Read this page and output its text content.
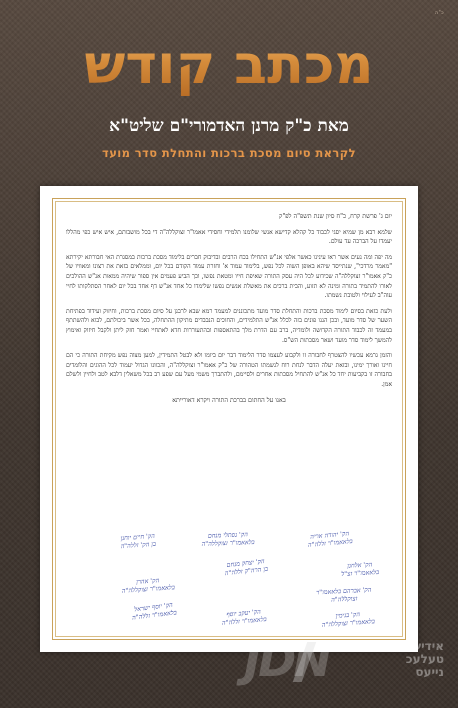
כ"ה
מכתב קודש
מאת כ"ק מרנן האדמורי"ם שליט"א
לקראת סיום מסכת ברכות והתחלת סדר מועד
יום ג' פרשת קרח, כ"ח סיון שנת תשפ"ה לפ"ק

שלמא רבא מן שמיא יסגי לכבוד כל קהלא קדישא אנשי שלומנו תלמידי וחסידי אאמו"ר זצוקללה"ה די בכל מושבותם, איש איש כפי מהללו יעמדו על הברכה עד עולם.

מה יפה ומה נעים אשר ראו עינינו כאשר אלפי אנ"ש התחילו בכח הרבים ובדיבוק חברים בלימוד מסכת ברכות במסגרת האי חבורתא יקירתא "מאמר מרדכי", שנתייסד שיהא באופן השוה לכל נפש, בלימוד עמוד א' וחזרת עמוד הקודם בכל יום, וממלאים בזאת את רצונו ומאוויו של כ"ק אאמו"ר זצוקללה"ה שכידוע לכל היה עסק התורה שאיפת חייו ומטאת נפשו, וכך הביע פעמים אין ספור שיהיה ממאות אנ"ש ההולכים לאורו להתמיד בתורה ומינה לא תזוע, והבית ברכים את מאשלת אנשים נפשו שלימדו כל אחד אנ"ש דף אחד בכל יום לאחר הסתלקותו לחיי עוה"ב לעילוי ולטובת נשמתו.

ולעת כזאת בסיום לימוד מסכת ברכות והתחלת סדר מועד מתכוננים למעמד רמא שבא לרבנן על סיום מסכת ברכות, וחיזוק ועידוד בפתיחת השער של סדר מועד, ובכן הננו פונים בזה לכלל אנ"ש התלמידים, והחוכים הנבבדים מתיקון ההתחלה, בכל אשר ביכולתם, לבוא ולהשתתף במעמד זה לכבוד התורה הקדושה ולומדיה, ברב עם הדרת מלך בהתאספות ובהתעוררות חדא לאתחיי ואמר חזק ליתן ולקבל חיזוק ואימוץ להמשך לימוד סדר מועד ושאר מסכתות הש"ס.

והזמן גרמא עכשיו להצטרף לחבורה זו ולקבוע לעצמו סדר הלימוד דבר יום ביומו ולא לבטל התמידין, למען מצוה נפש מקיחת התורה כי הם חיינו ואורך ימינו, ובזאת יעלה הדבר לנחת רוח לנשמתו הטהורה של כ"ק אאמו"ר זצוקללה"ה, והכוונו הגדול יעמוד לכל ההוגים והלומדים בחבורה זו בקביעות יחד כל אנ"ש להתחיל מסכתות אחרים ולסיימם, ולהתברך משמי מעל עם שפע רב בכל משאלין דלבא לטב ולחיין ולשלם אמן.

באנו על החתום בברכת התורה ויקרא דאורייתא
הק' חיים יוחנן
בן הק' זללה"ה
הק' נפתלי מנחם
בלאאמו"ר זצוקללה"ה
הק' יהודה אריה
בלאאמו"ר זללה"ה
הק' אלחנן
בלאאמו"ר זצ"ל
הק' יצחק מנחם
בן הרה"ק זללה"ה
הק' אהרן
בלאאמו"ר זצוקללה"ה	הק' אברהם בלאאמו"ר
זצוקללה"ה
הק' יוסף ישראל
בלאאמו"ר זללה"ה	הק' יעקב יוסף
בלאאמו"ר זללה"ה	הק' בנימין
בלאאמו"ר זצוקללה"ה
JDN	אידישע
טעלעכ
נייעס
